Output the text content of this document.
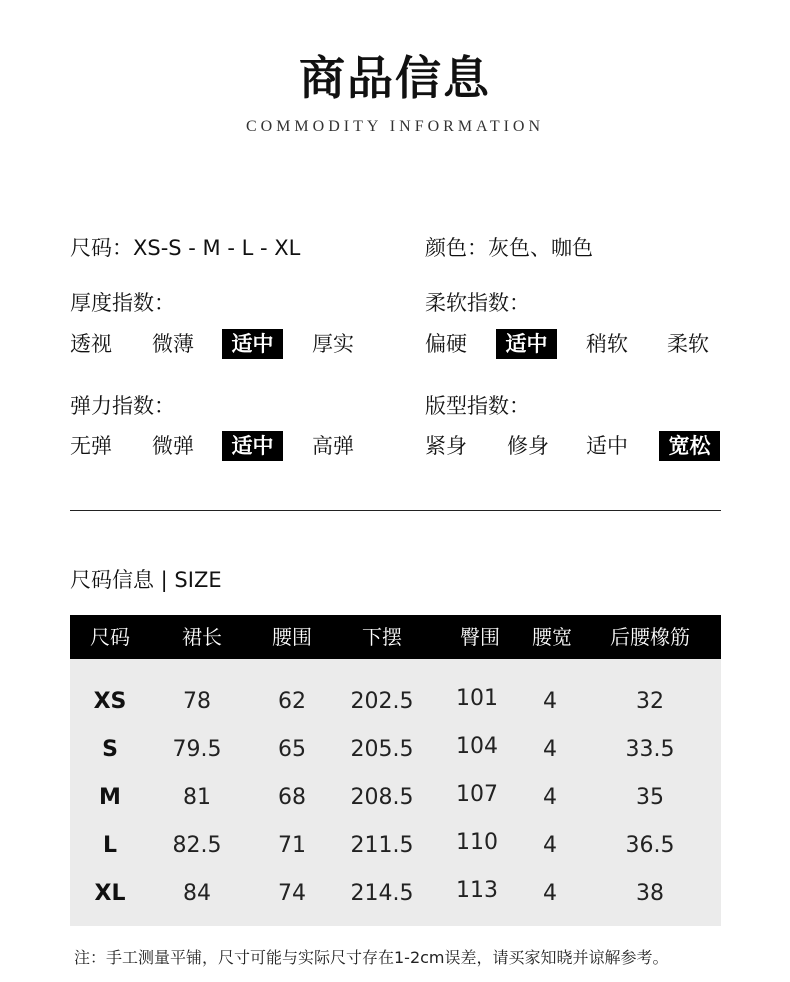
商品信息
COMMODITY INFORMATION
尺码：XS-S - M - L - XL	颜色：灰色、咖色
厚度指数：
透视 微薄	适中	厚实
柔软指数：
偏硬	适中	稍软 柔软
弹力指数：
无弹 微弹	适中	高弹
版型指数：
紧身 修身 适中	宽松
尺码信息 | SIZE
尺码	裙长	腰围	下摆	臀围	腰宽	后腰橡筋
XS	78	62	202.5	101	4	32
S	79.5	65	205.5	104	4	33.5
M	81	68	208.5	107	4	35
L	82.5	71	211.5	110	4	36.5
XL	84	74	214.5	113	4	38
注：手工测量平铺，尺寸可能与实际尺寸存在1-2cm误差，请买家知晓并谅解参考。
